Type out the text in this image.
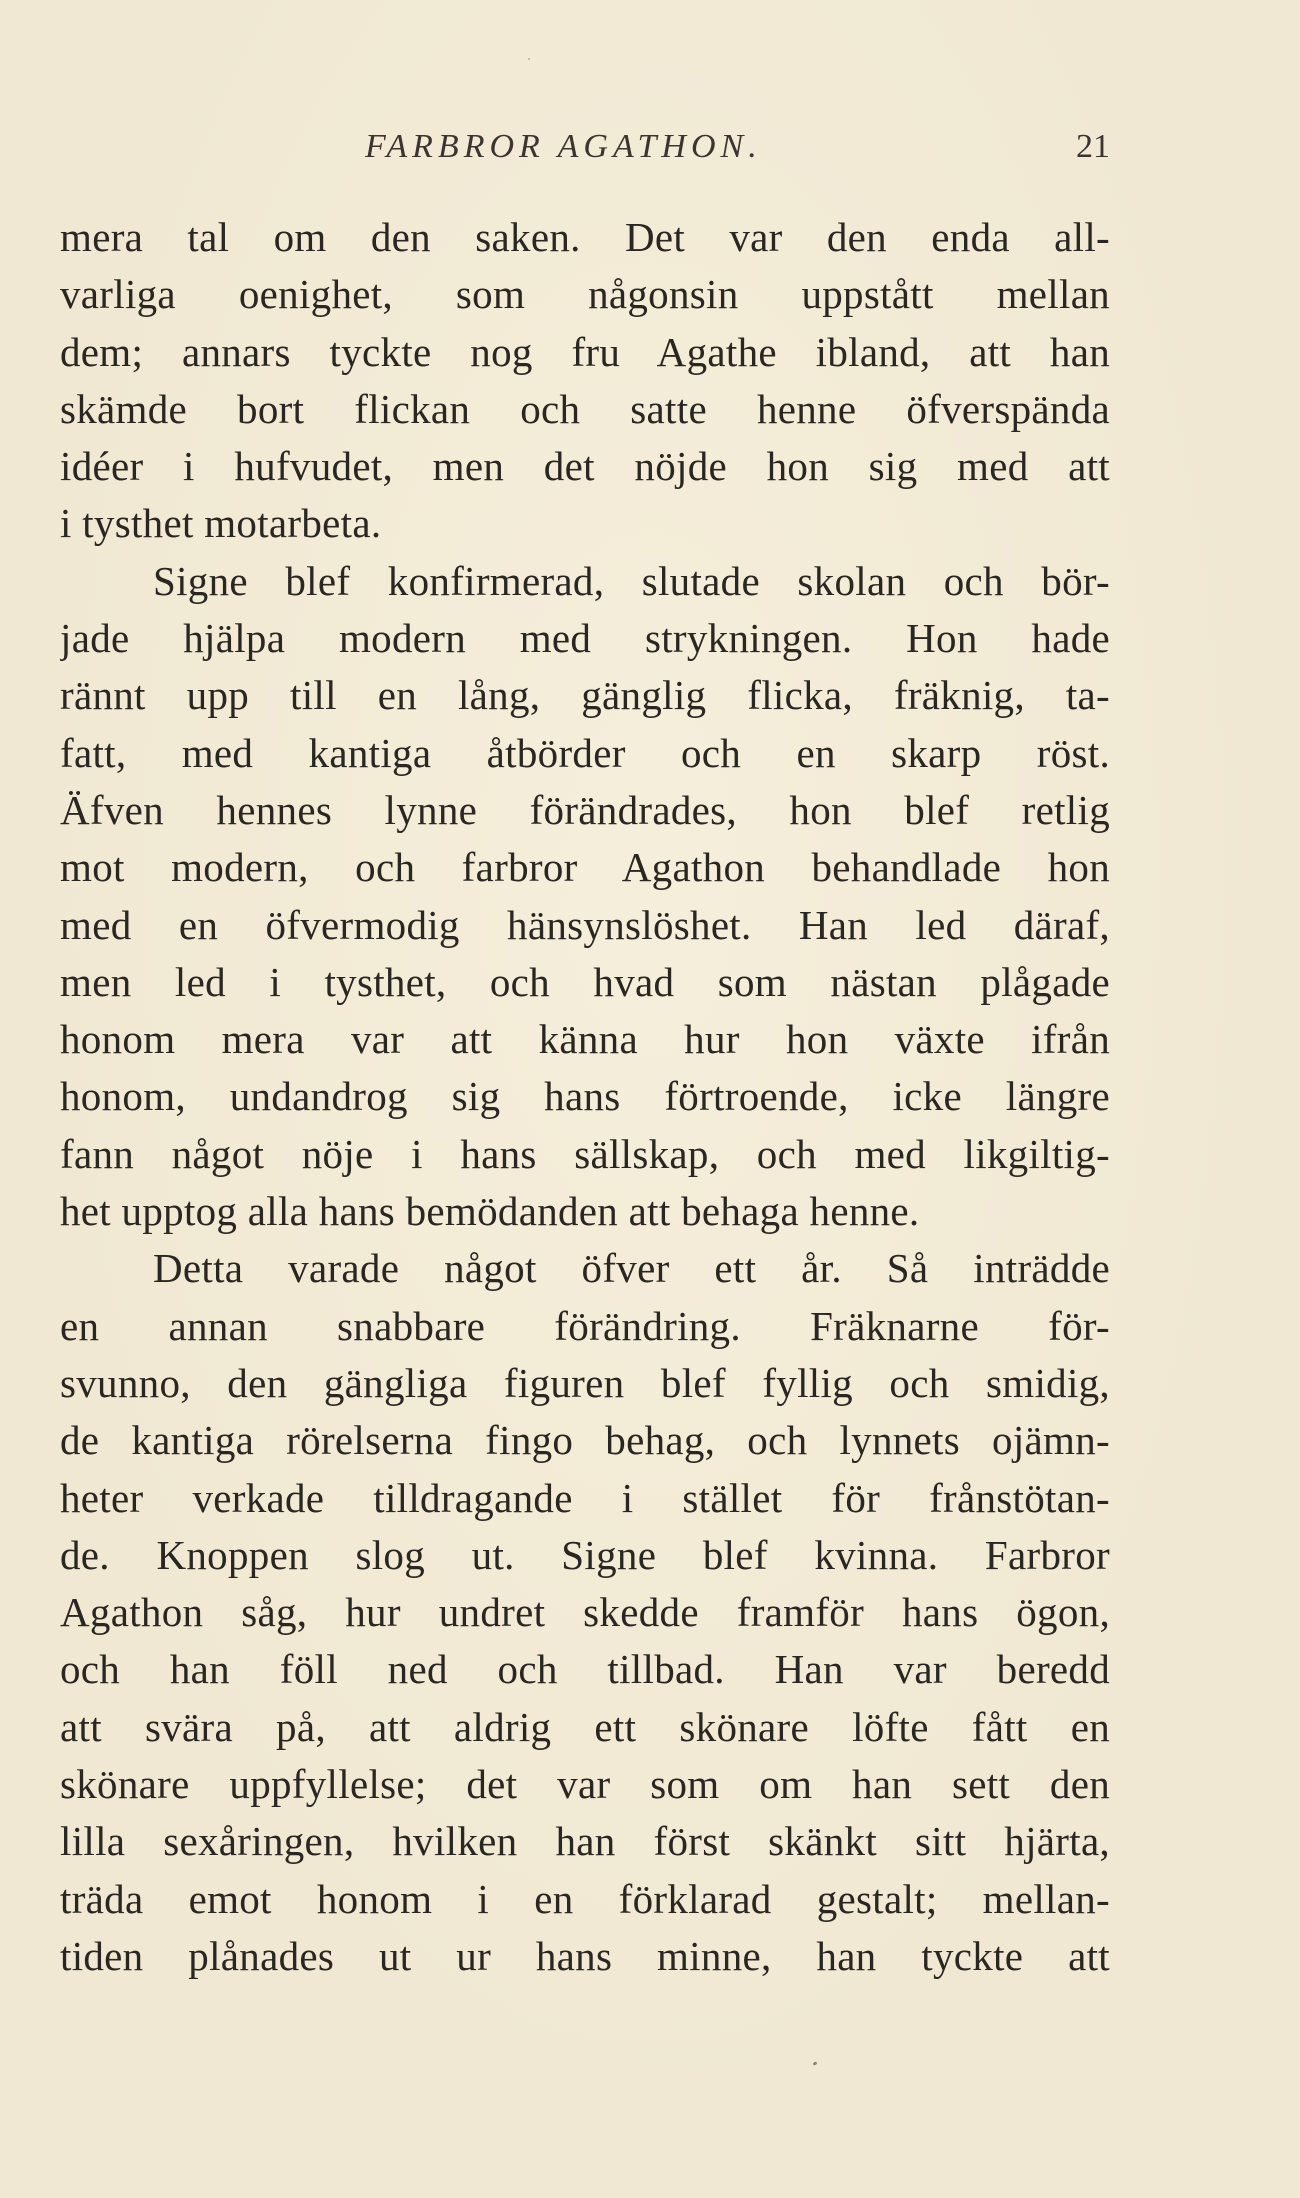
FARBROR AGATHON.	21
mera tal om den saken. Det var den enda all-
varliga oenighet, som någonsin uppstått mellan
dem; annars tyckte nog fru Agathe ibland, att han
skämde bort flickan och satte henne öfverspända
idéer i hufvudet, men det nöjde hon sig med att
i tysthet motarbeta.
Signe blef konfirmerad, slutade skolan och bör-
jade hjälpa modern med strykningen. Hon hade
rännt upp till en lång, gänglig flicka, fräknig, ta-
fatt, med kantiga åtbörder och en skarp röst.
Äfven hennes lynne förändrades, hon blef retlig
mot modern, och farbror Agathon behandlade hon
med en öfvermodig hänsynslöshet. Han led däraf,
men led i tysthet, och hvad som nästan plågade
honom mera var att känna hur hon växte ifrån
honom, undandrog sig hans förtroende, icke längre
fann något nöje i hans sällskap, och med likgiltig-
het upptog alla hans bemödanden att behaga henne.
Detta varade något öfver ett år. Så inträdde
en annan snabbare förändring. Fräknarne för-
svunno, den gängliga figuren blef fyllig och smidig,
de kantiga rörelserna fingo behag, och lynnets ojämn-
heter verkade tilldragande i stället för frånstötan-
de. Knoppen slog ut. Signe blef kvinna. Farbror
Agathon såg, hur undret skedde framför hans ögon,
och han föll ned och tillbad. Han var beredd
att svära på, att aldrig ett skönare löfte fått en
skönare uppfyllelse; det var som om han sett den
lilla sexåringen, hvilken han först skänkt sitt hjärta,
träda emot honom i en förklarad gestalt; mellan-
tiden plånades ut ur hans minne, han tyckte att
